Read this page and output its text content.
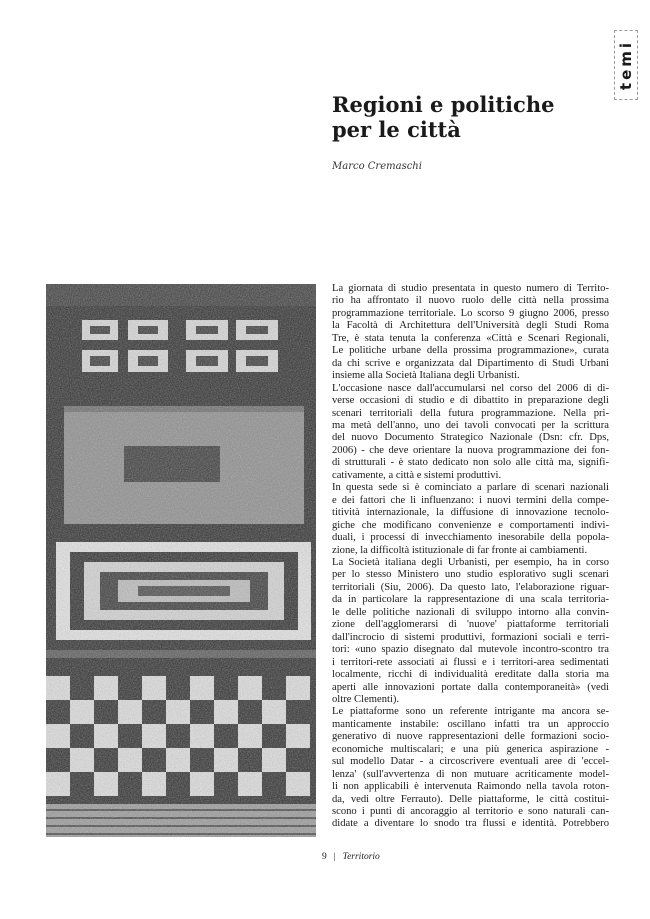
temi
Regioni e politiche
per le città
Marco Cremaschi

La giornata di studio presentata in questo numero di Territo-
rio ha affrontato il nuovo ruolo delle città nella prossima
programmazione territoriale. Lo scorso 9 giugno 2006, presso
la Facoltà di Architettura dell'Università degli Studi Roma
Tre, è stata tenuta la conferenza «Città e Scenari Regionali,
Le politiche urbane della prossima programmazione», curata
da chi scrive e organizzata dal Dipartimento di Studi Urbani
insieme alla Società Italiana degli Urbanisti.

L'occasione nasce dall'accumularsi nel corso del 2006 di di-
verse occasioni di studio e di dibattito in preparazione degli
scenari territoriali della futura programmazione. Nella pri-
ma metà dell'anno, uno dei tavoli convocati per la scrittura
del nuovo Documento Strategico Nazionale (Dsn: cfr. Dps,
2006) - che deve orientare la nuova programmazione dei fon-
di strutturali - è stato dedicato non solo alle città ma, signifi-
cativamente, a città e sistemi produttivi.

In questa sede si è cominciato a parlare di scenari nazionali
e dei fattori che li influenzano: i nuovi termini della compe-
titività internazionale, la diffusione di innovazione tecnolo-
giche che modificano convenienze e comportamenti indivi-
duali, i processi di invecchiamento inesorabile della popola-
zione, la difficoltà istituzionale di far fronte ai cambiamenti.

La Società italiana degli Urbanisti, per esempio, ha in corso
per lo stesso Ministero uno studio esplorativo sugli scenari
territoriali (Siu, 2006). Da questo lato, l'elaborazione riguar-
da in particolare la rappresentazione di una scala territoria-
le delle politiche nazionali di sviluppo intorno alla convin-
zione dell'agglomerarsi di 'nuove' piattaforme territoriali
dall'incrocio di sistemi produttivi, formazioni sociali e terri-
tori: «uno spazio disegnato dal mutevole incontro-scontro tra
i territori-rete associati ai flussi e i territori-area sedimentati
localmente, ricchi di individualità ereditate dalla storia ma
aperti alle innovazioni portate dalla contemporaneità» (vedi
oltre Clementi).

Le piattaforme sono un referente intrigante ma ancora se-
manticamente instabile: oscillano infatti tra un approccio
generativo di nuove rappresentazioni delle formazioni socio-
economiche multiscalari; e una più generica aspirazione -
sul modello Datar - a circoscrivere eventuali aree di 'eccel-
lenza' (sull'avvertenza di non mutuare acriticamente model-
li non applicabili è intervenuta Raimondo nella tavola roton-
da, vedi oltre Ferrauto). Delle piattaforme, le città costitui-
scono i punti di ancoraggio al territorio e sono naturali can-
didate a diventare lo snodo tra flussi e identità. Potrebbero

9 | Territorio
